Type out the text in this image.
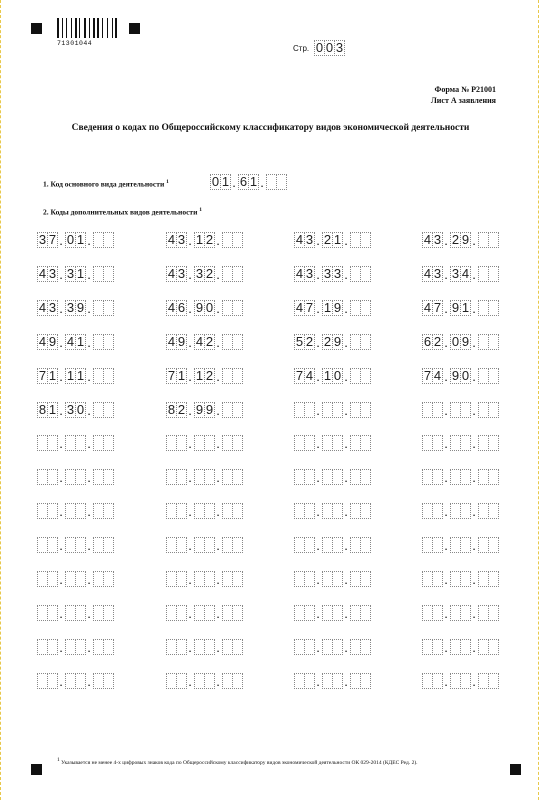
71301044
Стр. 0 0 3
Форма № Р21001
Лист А заявления
Сведения о кодах по Общероссийскому классификатору видов экономической деятельности
1. Код основного вида деятельности $^1$	0 1 . 6 1 .
2. Коды дополнительных видов деятельности $^1$
3 7 . 0 1 .	4 3 . 1 2 .	4 3 . 2 1 .	4 3 . 2 9 .
4 3 . 3 1 .	4 3 . 3 2 .	4 3 . 3 3 .	4 3 . 3 4 .
4 3 . 3 9 .	4 6 . 9 0 .	4 7 . 1 9 .	4 7 . 9 1 .
4 9 . 4 1 .	4 9 . 4 2 .	5 2 . 2 9 .	6 2 . 0 9 .
7 1 . 1 1 .	7 1 . 1 2 .	7 4 . 1 0 .	7 4 . 9 0 .
8 1 . 3 0 .	8 2 . 9 9 .	. .	. .
. .	. .	. .	. .
. .	. .	. .	. .
. .	. .	. .	. .
. .	. .	. .	. .
. .	. .	. .	. .
. .	. .	. .	. .
. .	. .	. .	. .
. .	. .	. .	. .
$^1$ Указывается не менее 4-х цифровых знаков кода по Общероссийскому классификатору видов экономической деятельности ОК 029-2014 (КДЕС Ред. 2).
